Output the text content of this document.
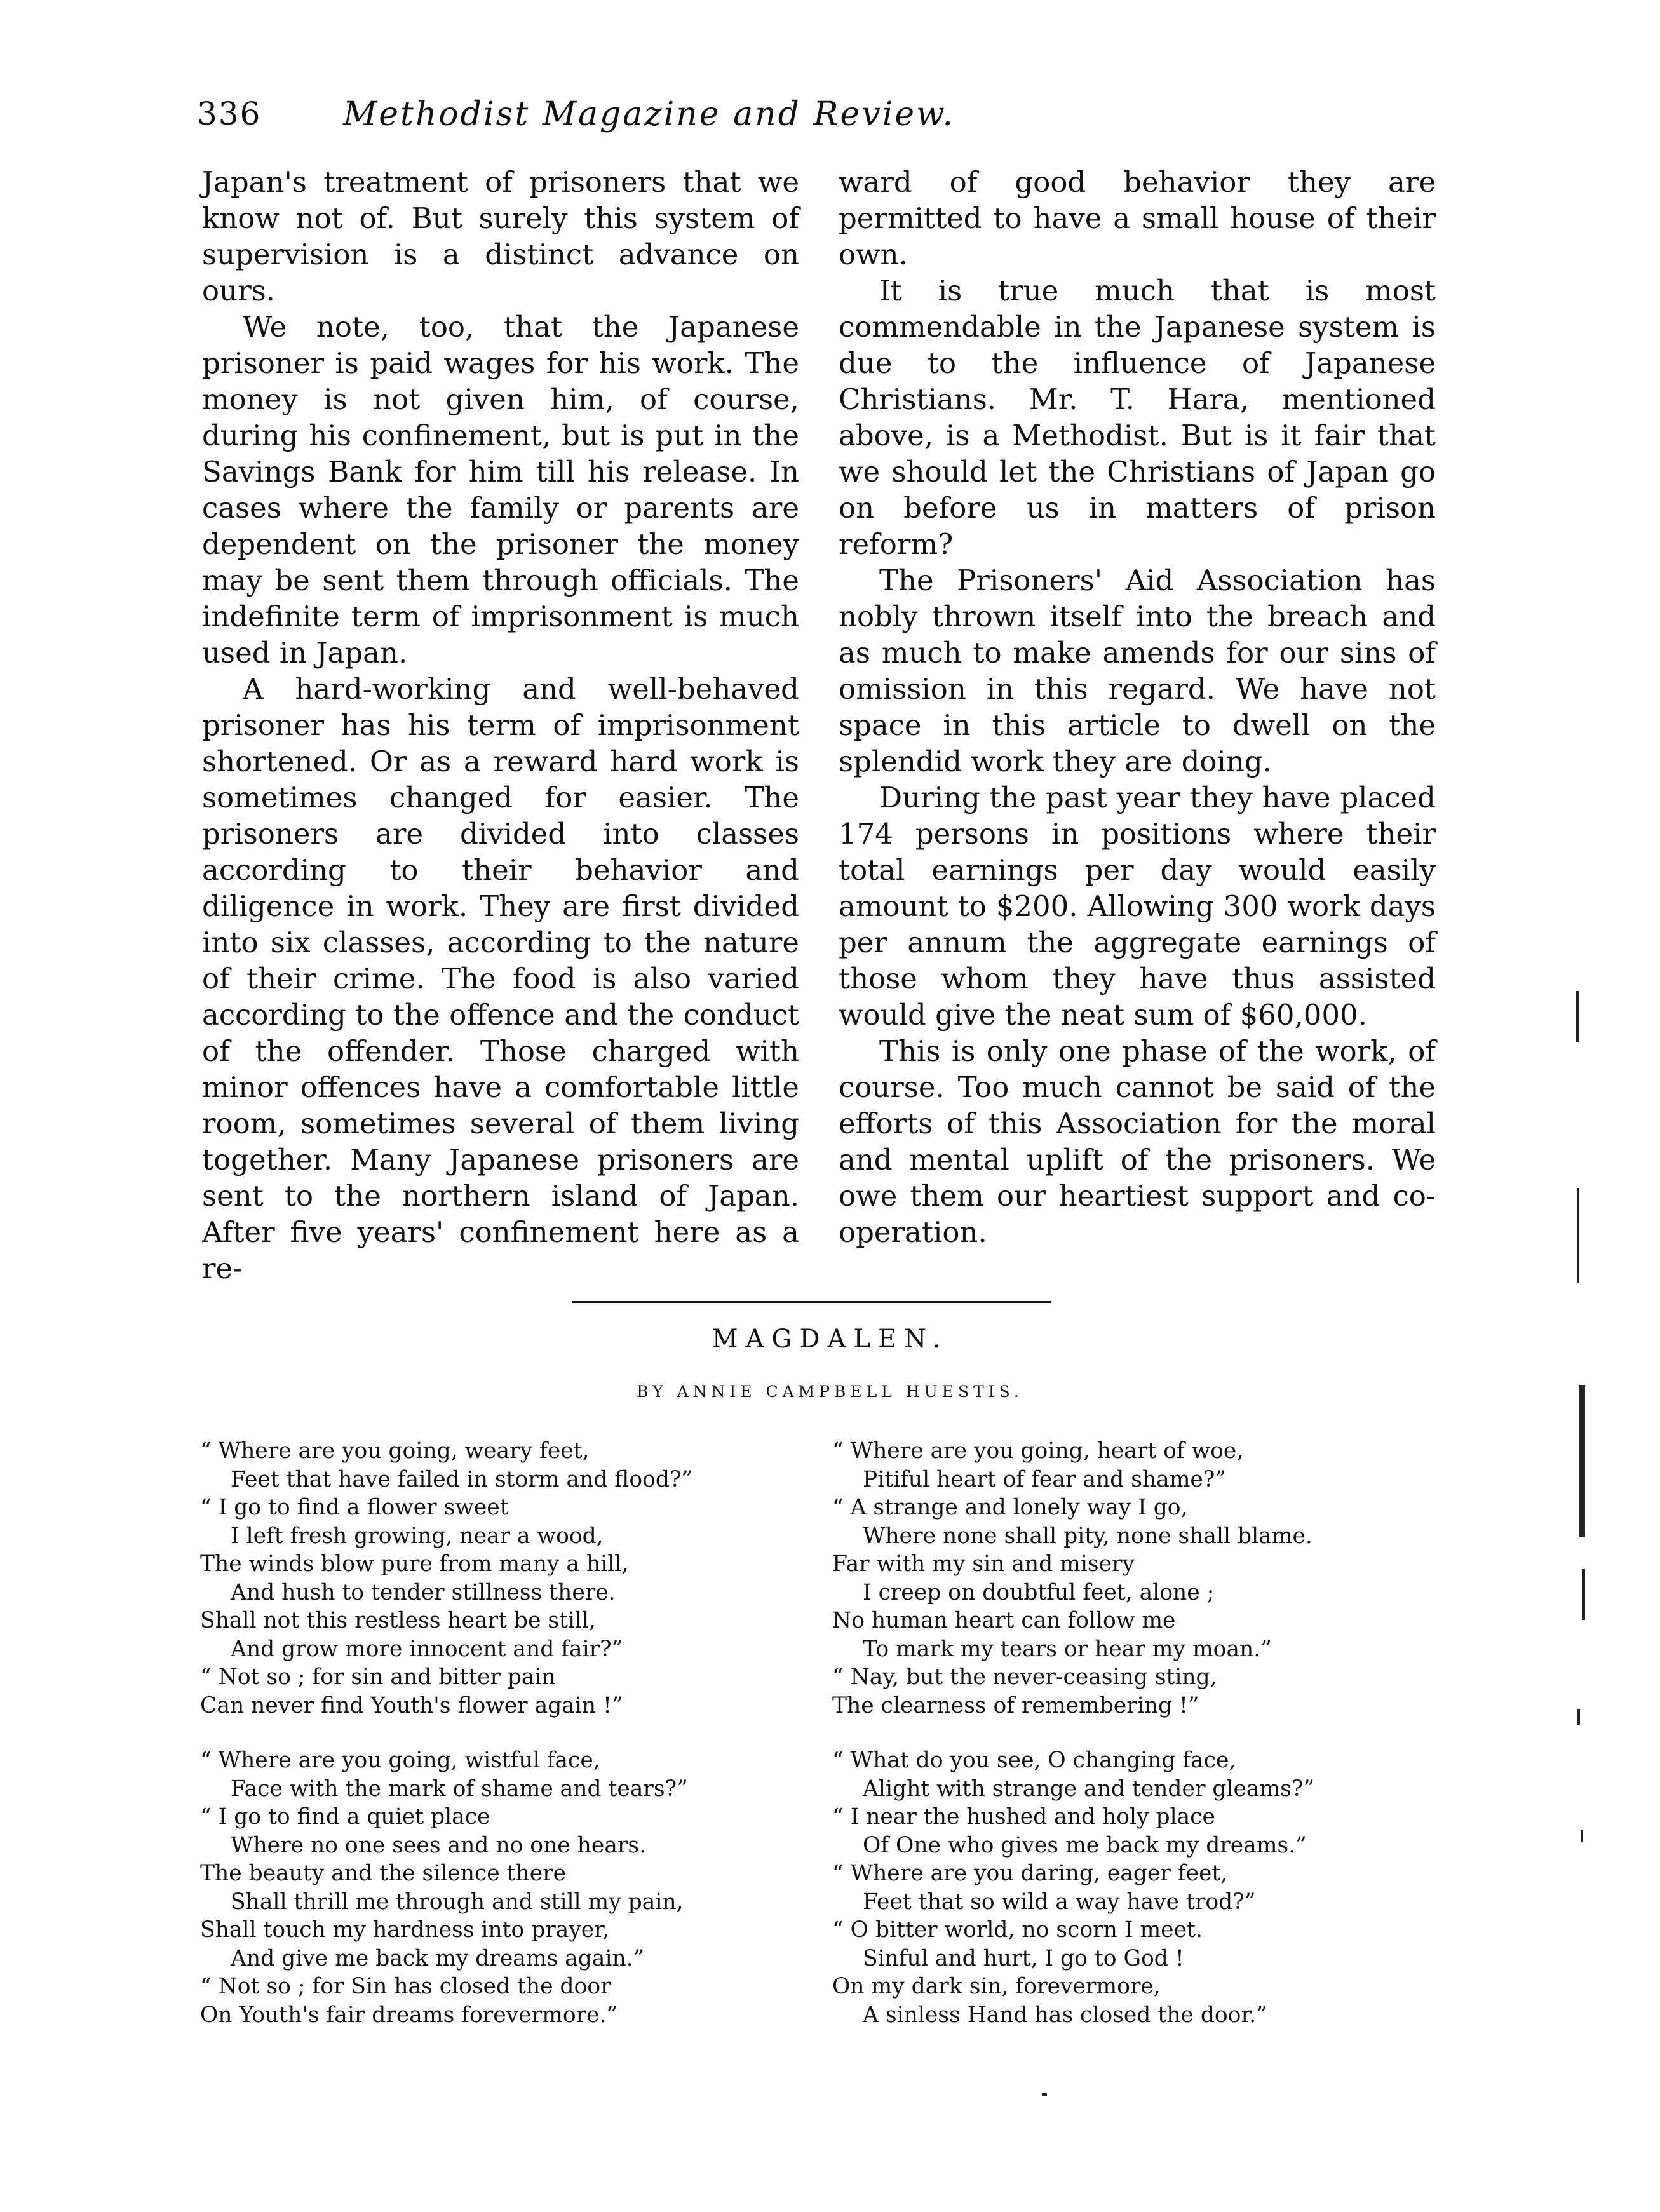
336	Methodist Magazine and Review.

Japan's treatment of prisoners that we know not of. But surely this system of supervision is a distinct advance on ours.

We note, too, that the Japanese prisoner is paid wages for his work. The money is not given him, of course, during his confinement, but is put in the Savings Bank for him till his release. In cases where the family or parents are dependent on the prisoner the money may be sent them through officials. The indefinite term of imprisonment is much used in Japan.

A hard-working and well-behaved prisoner has his term of imprisonment shortened. Or as a reward hard work is sometimes changed for easier. The prisoners are divided into classes according to their behavior and diligence in work. They are first divided into six classes, according to the nature of their crime. The food is also varied according to the offence and the conduct of the offender. Those charged with minor offences have a comfortable little room, sometimes several of them living together. Many Japanese prisoners are sent to the northern island of Japan. After five years' confinement here as a re-

ward of good behavior they are permitted to have a small house of their own.

It is true much that is most commendable in the Japanese system is due to the influence of Japanese Christians. Mr. T. Hara, mentioned above, is a Methodist. But is it fair that we should let the Christians of Japan go on before us in matters of prison reform?

The Prisoners' Aid Association has nobly thrown itself into the breach and as much to make amends for our sins of omission in this regard. We have not space in this article to dwell on the splendid work they are doing.

During the past year they have placed 174 persons in positions where their total earnings per day would easily amount to $200. Allowing 300 work days per annum the aggregate earnings of those whom they have thus assisted would give the neat sum of $60,000.

This is only one phase of the work, of course. Too much cannot be said of the efforts of this Association for the moral and mental uplift of the prisoners. We owe them our heartiest support and co-operation.

MAGDALEN.
BY ANNIE CAMPBELL HUESTIS.
“ Where are you going, weary feet,
Feet that have failed in storm and flood?”
“ I go to find a flower sweet
I left fresh growing, near a wood,
The winds blow pure from many a hill,
And hush to tender stillness there.
Shall not this restless heart be still,
And grow more innocent and fair?”
“ Not so ; for sin and bitter pain
Can never find Youth's flower again !”
“ Where are you going, wistful face,
Face with the mark of shame and tears?”
“ I go to find a quiet place
Where no one sees and no one hears.
The beauty and the silence there
Shall thrill me through and still my pain,
Shall touch my hardness into prayer,
And give me back my dreams again.”
“ Not so ; for Sin has closed the door
On Youth's fair dreams forevermore.”
“ Where are you going, heart of woe,
Pitiful heart of fear and shame?”
“ A strange and lonely way I go,
Where none shall pity, none shall blame.
Far with my sin and misery
I creep on doubtful feet, alone ;
No human heart can follow me
To mark my tears or hear my moan.”
“ Nay, but the never-ceasing sting,
The clearness of remembering !”
“ What do you see, O changing face,
Alight with strange and tender gleams?”
“ I near the hushed and holy place
Of One who gives me back my dreams.”
“ Where are you daring, eager feet,
Feet that so wild a way have trod?”
“ O bitter world, no scorn I meet.
Sinful and hurt, I go to God !
On my dark sin, forevermore,
A sinless Hand has closed the door.”
